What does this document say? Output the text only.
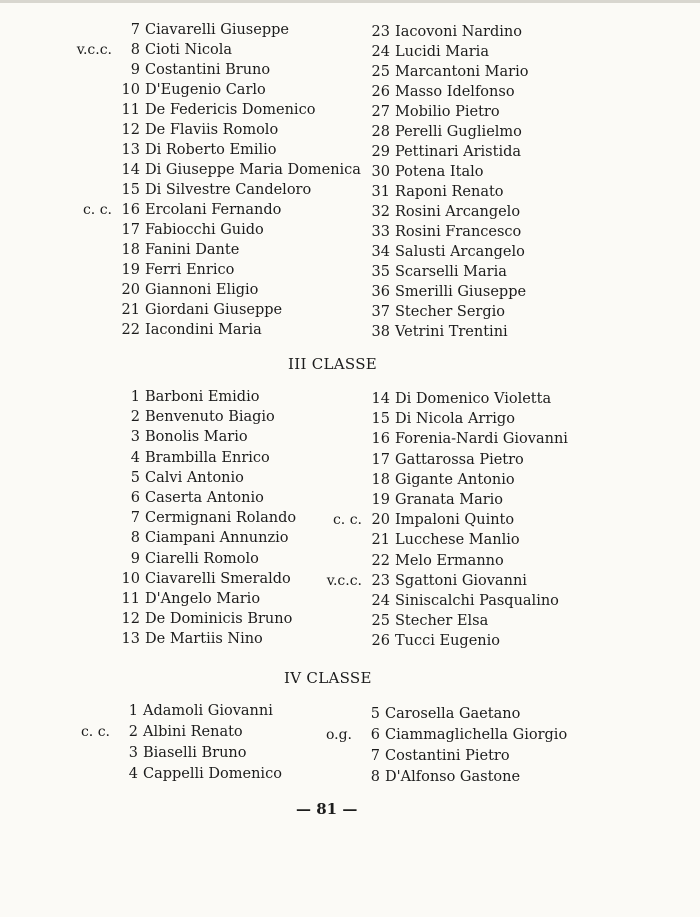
7 Ciavarelli Giuseppe
v.c.c. 8 Cioti Nicola
9 Costantini Bruno
10 D'Eugenio Carlo
11 De Federicis Domenico
12 De Flaviis Romolo
13 Di Roberto Emilio
14 Di Giuseppe Maria Domenica
15 Di Silvestre Candeloro
c. c. 16 Ercolani Fernando
17 Fabiocchi Guido
18 Fanini Dante
19 Ferri Enrico
20 Giannoni Eligio
21 Giordani Giuseppe
22 Iacondini Maria
23 Iacovoni Nardino
24 Lucidi Maria
25 Marcantoni Mario
26 Masso Idelfonso
27 Mobilio Pietro
28 Perelli Guglielmo
29 Pettinari Aristida
30 Potena Italo
31 Raponi Renato
32 Rosini Arcangelo
33 Rosini Francesco
34 Salusti Arcangelo
35 Scarselli Maria
36 Smerilli Giuseppe
37 Stecher Sergio
38 Vetrini Trentini
III CLASSE
1 Barboni Emidio
2 Benvenuto Biagio
3 Bonolis Mario
4 Brambilla Enrico
5 Calvi Antonio
6 Caserta Antonio
7 Cermignani Rolando
8 Ciampani Annunzio
9 Ciarelli Romolo
10 Ciavarelli Smeraldo
11 D'Angelo Mario
12 De Dominicis Bruno
13 De Martiis Nino
14 Di Domenico Violetta
15 Di Nicola Arrigo
16 Forenia-Nardi Giovanni
17 Gattarossa Pietro
18 Gigante Antonio
19 Granata Mario
c. c. 20 Impaloni Quinto
21 Lucchese Manlio
22 Melo Ermanno
v.c.c. 23 Sgattoni Giovanni
24 Siniscalchi Pasqualino
25 Stecher Elsa
26 Tucci Eugenio
IV CLASSE
1 Adamoli Giovanni
c. c. 2 Albini Renato
3 Biaselli Bruno
4 Cappelli Domenico
5 Carosella Gaetano
o.g. 6 Ciammaglichella Giorgio
7 Costantini Pietro
8 D'Alfonso Gastone
— 81 —
